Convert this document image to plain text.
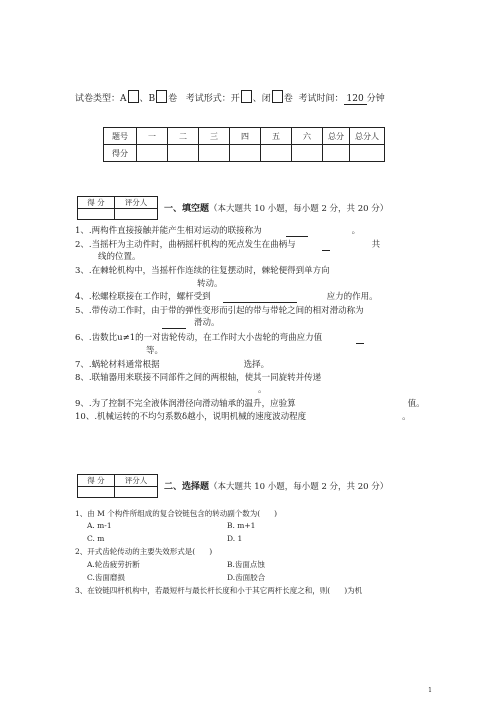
试卷类型：A 、B 卷 考试形式：开 、闭 卷 考试时间： 120 分钟
题号	一	二	三	四	五	六	总分	总分人
得分								
得 分	评分人

一、填空题（本大题共 10 小题，每小题 2 分，共 20 分）
1、.两构件直接接触并能产生相对运动的联接称为	。
2、.当摇杆为主动件时，曲柄摇杆机构的死点发生在曲柄与	共
线的位置。
3、.在棘轮机构中，当摇杆作连续的往复摆动时，棘轮便得到单方向
转动。
4、.松螺栓联接在工作时，螺杆受到	应力的作用。
5、.带传动工作时，由于带的弹性变形而引起的带与带轮之间的相对滑动称为
滑动。
6、.齿数比u≠1的一对齿轮传动，在工作时大小齿轮的弯曲应力值
等。
7、.蜗轮材料通常根据	选择。
8、.联轴器用来联接不同部件之间的两根轴，使其一同旋转并传递
。
9、.为了控制不完全液体润滑径向滑动轴承的温升，应验算	值。
10、.机械运转的不均匀系数δ越小，说明机械的速度波动程度	。
得 分	评分人

二、选择题（本大题共 10 小题，每小题 2 分，共 20 分）
1、由 M 个构件所组成的复合铰链包含的转动副个数为( )
A. m-1	B. m+1
C. m	D. 1
2、开式齿轮传动的主要失效形式是( )
A.轮齿疲劳折断	B.齿面点蚀
C.齿面磨损	D.齿面胶合
3、在铰链四杆机构中，若最短杆与最长杆长度和小于其它两杆长度之和，则( )为机
1
